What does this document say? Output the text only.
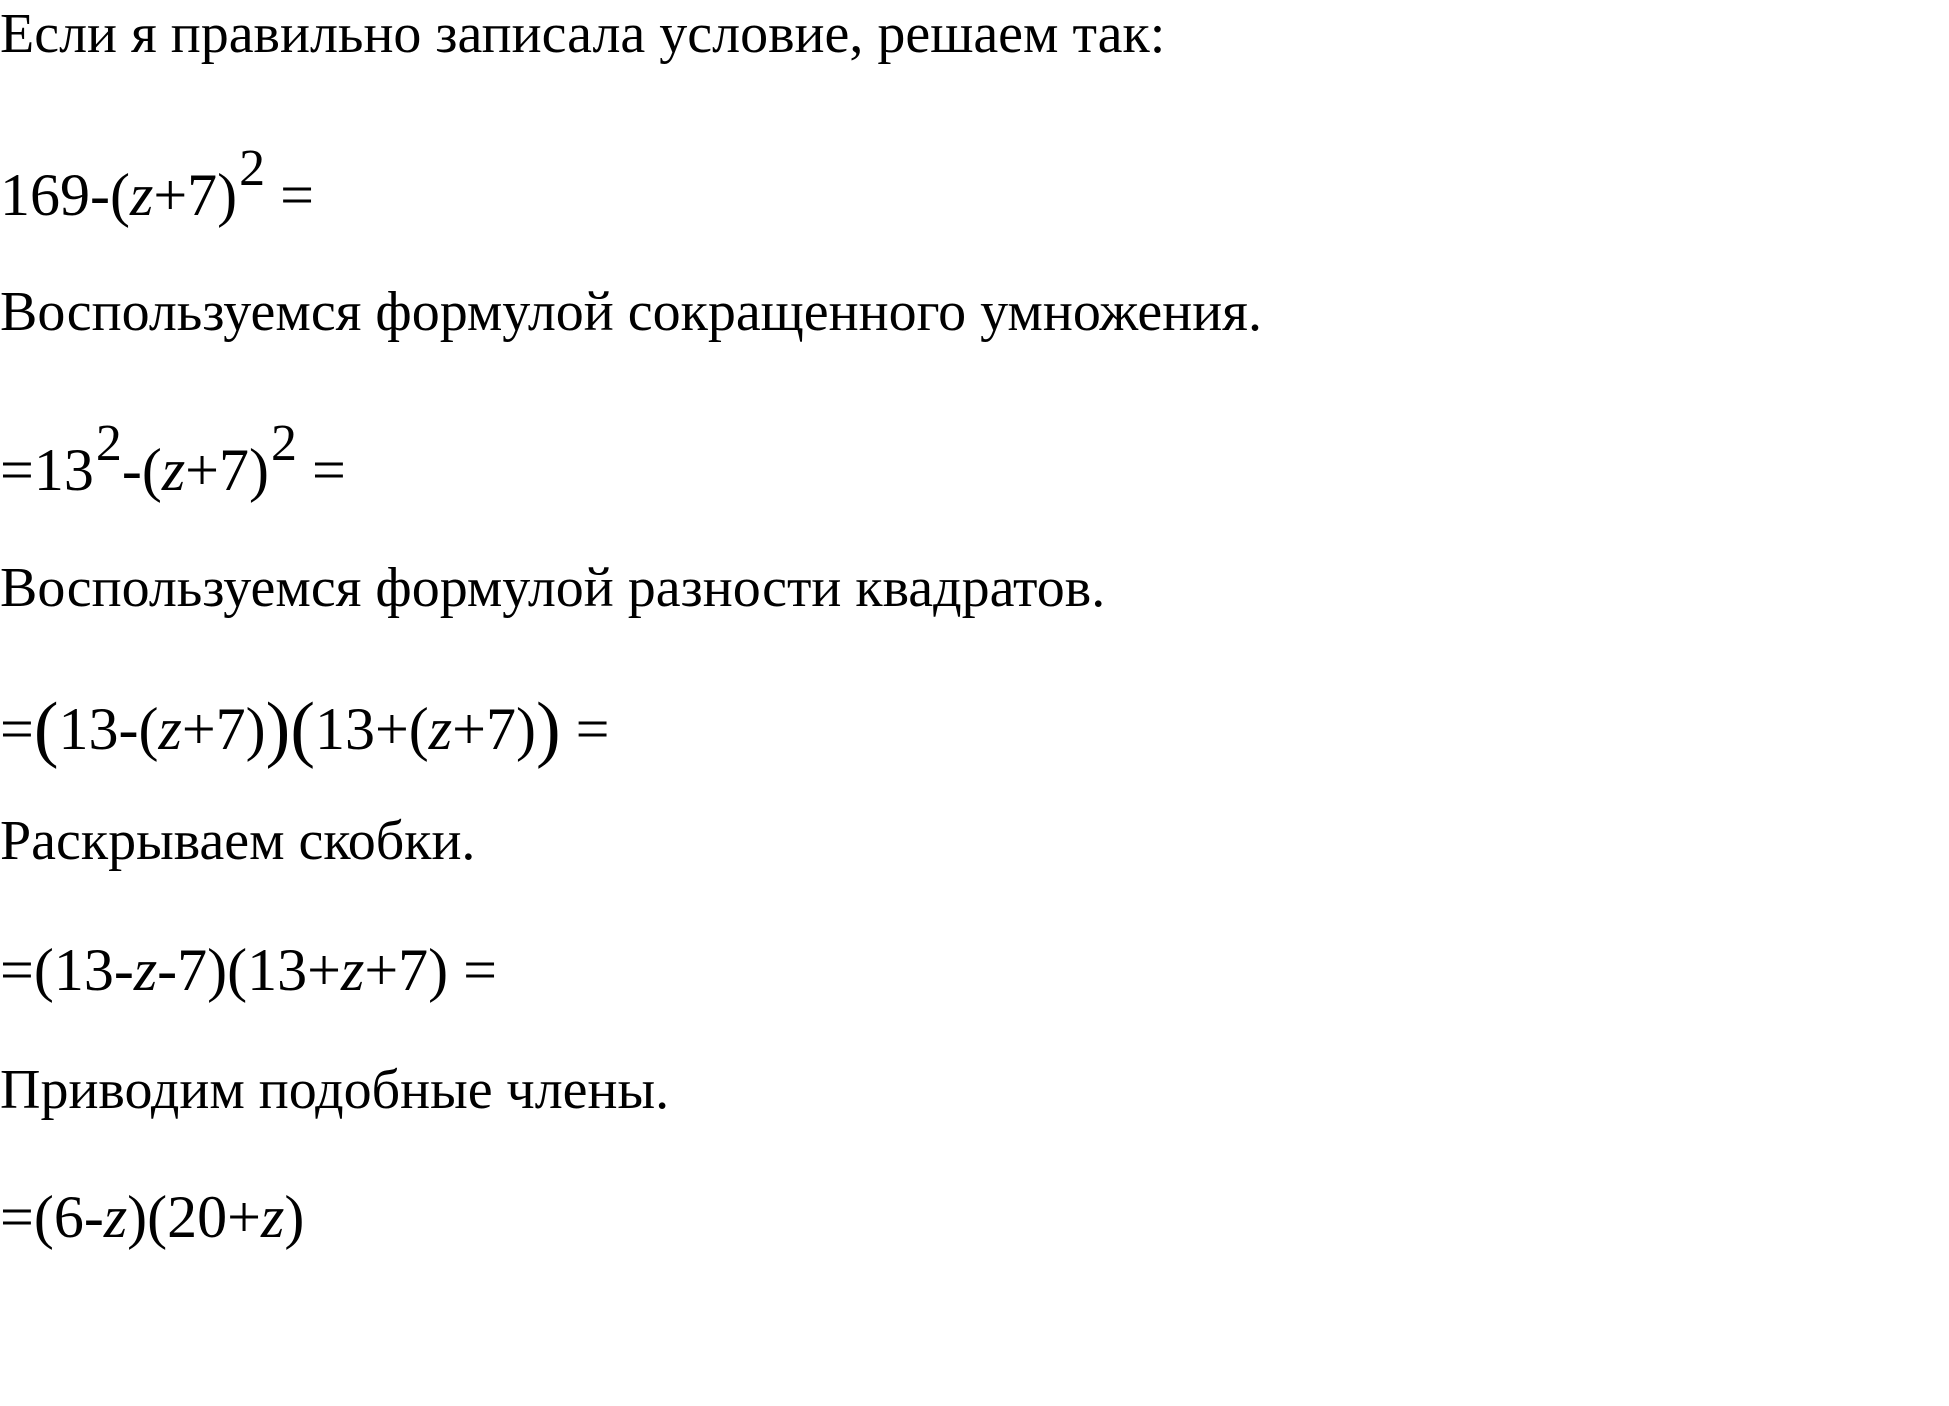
Если я правильно записала условие, решаем так:

169-(z+7)2 =

Воспользуемся формулой сокращенного умножения.

=132-(z+7)2 =

Воспользуемся формулой разности квадратов.

=(13-(z+7))(13+(z+7)) =

Раскрываем скобки.

=(13-z-7)(13+z+7) =

Приводим подобные члены.

=(6-z)(20+z)
